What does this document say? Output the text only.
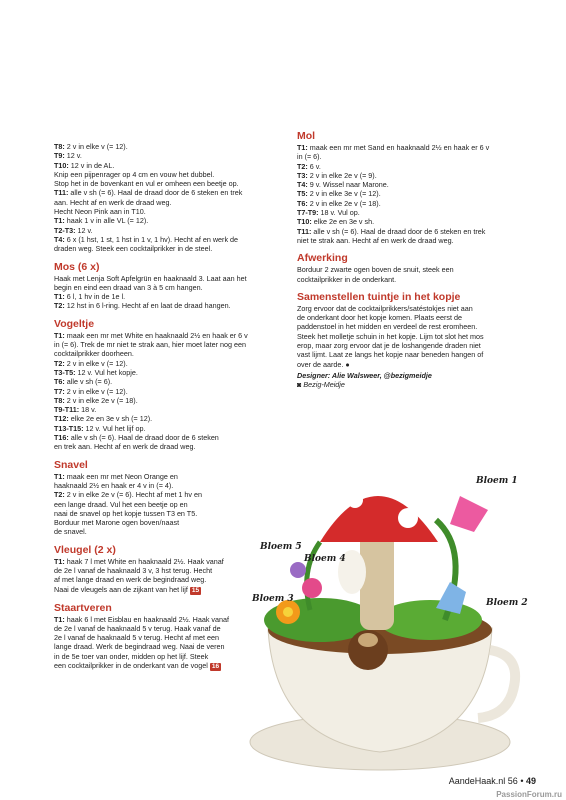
T8: 2 v in elke v (= 12).

T9: 12 v.

T10: 12 v in de AL.

Knip een pijpenrager op 4 cm en vouw het dubbel.

Stop het in de bovenkant en vul er omheen een beetje op.

T11: alle v sh (= 6). Haal de draad door de 6 steken en trek

aan. Hecht af en werk de draad weg.

Hecht Neon Pink aan in T10.

T1: haak 1 v in alle VL (= 12).

T2-T3: 12 v.

T4: 6 x (1 hst, 1 st, 1 hst in 1 v, 1 hv). Hecht af en werk de

draden weg. Steek een cocktailprikker in de steel.

Mos (6 x)

Haak met Lenja Soft Apfelgrün en haaknaald 3. Laat aan het

begin en eind een draad van 3 à 5 cm hangen.

T1: 6 l, 1 hv in de 1e l.

T2: 12 hst in 6 l-ring. Hecht af en laat de draad hangen.

Vogeltje

T1: maak een mr met White en haaknaald 2½ en haak er 6 v

in (= 6). Trek de mr niet te strak aan, hier moet later nog een

cocktailprikker doorheen.

T2: 2 v in elke v (= 12).

T3-T5: 12 v. Vul het kopje.

T6: alle v sh (= 6).

T7: 2 v in elke v (= 12).

T8: 2 v in elke 2e v (= 18).

T9-T11: 18 v.

T12: elke 2e en 3e v sh (= 12).

T13-T15: 12 v. Vul het lijf op.

T16: alle v sh (= 6). Haal de draad door de 6 steken

en trek aan. Hecht af en werk de draad weg.

Snavel

T1: maak een mr met Neon Orange en

haaknaald 2½ en haak er 4 v in (= 4).

T2: 2 v in elke 2e v (= 6). Hecht af met 1 hv en

een lange draad. Vul het een beetje op en

naai de snavel op het kopje tussen T3 en T5.

Borduur met Marone ogen boven/naast

de snavel.

Vleugel (2 x)

T1: haak 7 l met White en haaknaald 2½. Haak vanaf

de 2e l vanaf de haaknaald 3 v, 3 hst terug. Hecht

af met lange draad en werk de begindraad weg.

Naai de vleugels aan de zijkant van het lijf 15

Staartveren

T1: haak 6 l met Eisblau en haaknaald 2½. Haak vanaf

de 2e l vanaf de haaknaald 5 v terug. Haak vanaf de

2e l vanaf de haaknaald 5 v terug. Hecht af met een

lange draad. Werk de begindraad weg. Naai de veren

in de 5e toer van onder, midden op het lijf. Steek

een cocktailprikker in de onderkant van de vogel 16

Mol

T1: maak een mr met Sand en haaknaald 2½ en haak er 6 v

in (= 6).

T2: 6 v.

T3: 2 v in elke 2e v (= 9).

T4: 9 v. Wissel naar Marone.

T5: 2 v in elke 3e v (= 12).

T6: 2 v in elke 2e v (= 18).

T7-T9: 18 v. Vul op.

T10: elke 2e en 3e v sh.

T11: alle v sh (= 6). Haal de draad door de 6 steken en trek

niet te strak aan. Hecht af en werk de draad weg.

Afwerking

Borduur 2 zwarte ogen boven de snuit, steek een

cocktailprikker in de onderkant.

Samenstellen tuintje in het kopje

Zorg ervoor dat de cocktailprikkers/satéstokjes niet aan

de onderkant door het kopje komen. Plaats eerst de

paddenstoel in het midden en verdeel de rest eromheen.

Steek het molletje schuin in het kopje. Lijm tot slot het mos

erop, maar zorg ervoor dat je de loshangende draden niet

vast lijmt. Laat ze langs het kopje naar beneden hangen of

over de aarde. ●

Designer: Alie Walsweer, @bezigmeidje

◙ Bezig-Meidje

Bloem 1
Bloem 2
Bloem 3
Bloem 4
Bloem 5
AandeHaak.nl 56 • 49
PassionForum.ru
